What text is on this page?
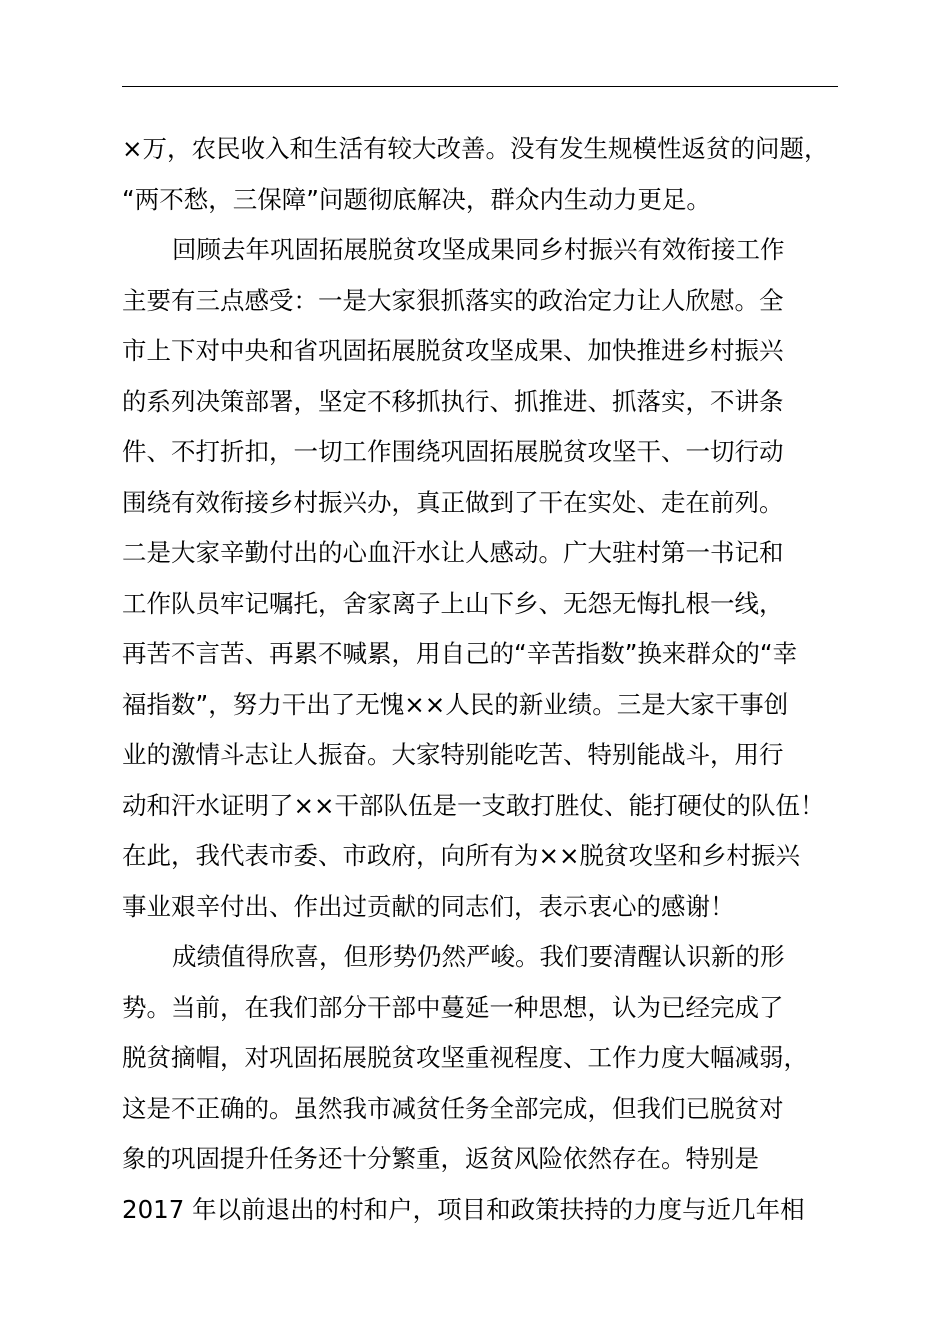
×万，农民收入和生活有较大改善。没有发生规模性返贫的问题，
“两不愁，三保障”问题彻底解决，群众内生动力更足。
回顾去年巩固拓展脱贫攻坚成果同乡村振兴有效衔接工作
主要有三点感受：一是大家狠抓落实的政治定力让人欣慰。全
市上下对中央和省巩固拓展脱贫攻坚成果、加快推进乡村振兴
的系列决策部署，坚定不移抓执行、抓推进、抓落实，不讲条
件、不打折扣，一切工作围绕巩固拓展脱贫攻坚干、一切行动
围绕有效衔接乡村振兴办，真正做到了干在实处、走在前列。
二是大家辛勤付出的心血汗水让人感动。广大驻村第一书记和
工作队员牢记嘱托，舍家离子上山下乡、无怨无悔扎根一线，
再苦不言苦、再累不喊累，用自己的“辛苦指数”换来群众的“幸
福指数”，努力干出了无愧××人民的新业绩。三是大家干事创
业的激情斗志让人振奋。大家特别能吃苦、特别能战斗，用行
动和汗水证明了××干部队伍是一支敢打胜仗、能打硬仗的队伍！
在此，我代表市委、市政府，向所有为××脱贫攻坚和乡村振兴
事业艰辛付出、作出过贡献的同志们，表示衷心的感谢！
成绩值得欣喜，但形势仍然严峻。我们要清醒认识新的形
势。当前，在我们部分干部中蔓延一种思想，认为已经完成了
脱贫摘帽，对巩固拓展脱贫攻坚重视程度、工作力度大幅减弱，
这是不正确的。虽然我市减贫任务全部完成，但我们已脱贫对
象的巩固提升任务还十分繁重，返贫风险依然存在。特别是
2017 年以前退出的村和户，项目和政策扶持的力度与近几年相
